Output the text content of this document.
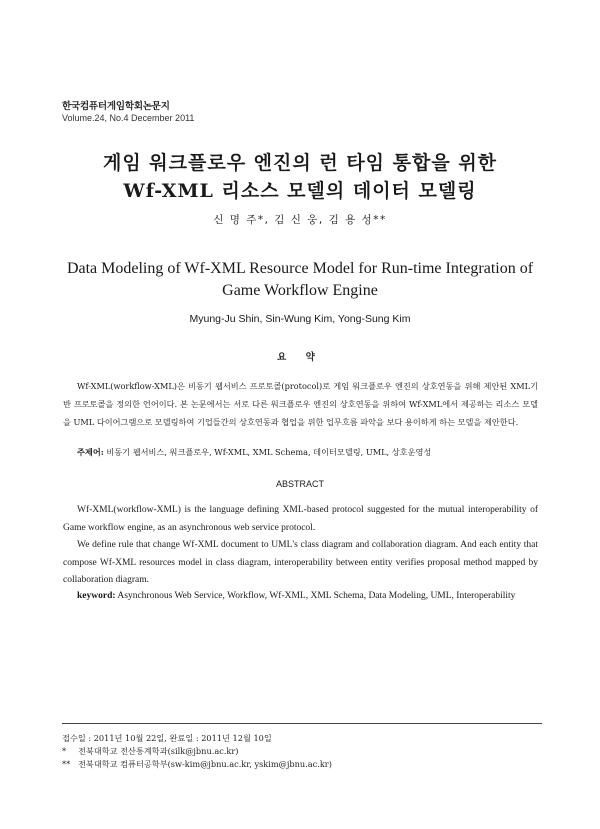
한국컴퓨터게임학회논문지
Volume.24, No.4 December 2011
게임 워크플로우 엔진의 런 타임 통합을 위한
Wf-XML 리소스 모델의 데이터 모델링
신 명 주*, 김 신 웅, 김 용 성**
Data Modeling of Wf-XML Resource Model for Run-time Integration of
Game Workflow Engine
Myung-Ju Shin, Sin-Wung Kim, Yong-Sung Kim
요 약

Wf-XML(workflow-XML)은 비동기 웹서비스 프로토콜(protocol)로 게임 워크플로우 엔진의 상호연동을 위해 제안된 XML기반 프로토콜을 정의한 언어이다. 본 논문에서는 서로 다른 워크플로우 엔진의 상호연동을 위하여 Wf-XML에서 제공하는 리소스 모델을 UML 다이어그램으로 모델링하여 기업들간의 상호연동과 협업을 위한 업무흐름 파악을 보다 용이하게 하는 모델을 제안한다.

주제어: 비동기 웹서비스, 워크플로우, Wf-XML, XML Schema, 데이터모델링, UML, 상호운영성
ABSTRACT

Wf-XML(workflow-XML) is the language defining XML-based protocol suggested for the mutual interoperability of Game workflow engine, as an asynchronous web service protocol.

We define rule that change Wf-XML document to UML's class diagram and collaboration diagram. And each entity that compose Wf-XML resources model in class diagram, interoperability between entity verifies proposal method mapped by collaboration diagram.

keyword: Asynchronous Web Service, Workflow, Wf-XML, XML Schema, Data Modeling, UML, Interoperability
접수일 : 2011년 10월 22일, 완료일 : 2011년 12월 10일
* 전북대학교 전산통계학과(silk@jbnu.ac.kr)
** 전북대학교 컴퓨터공학부(sw-kim@jbnu.ac.kr, yskim@jbnu.ac.kr)
